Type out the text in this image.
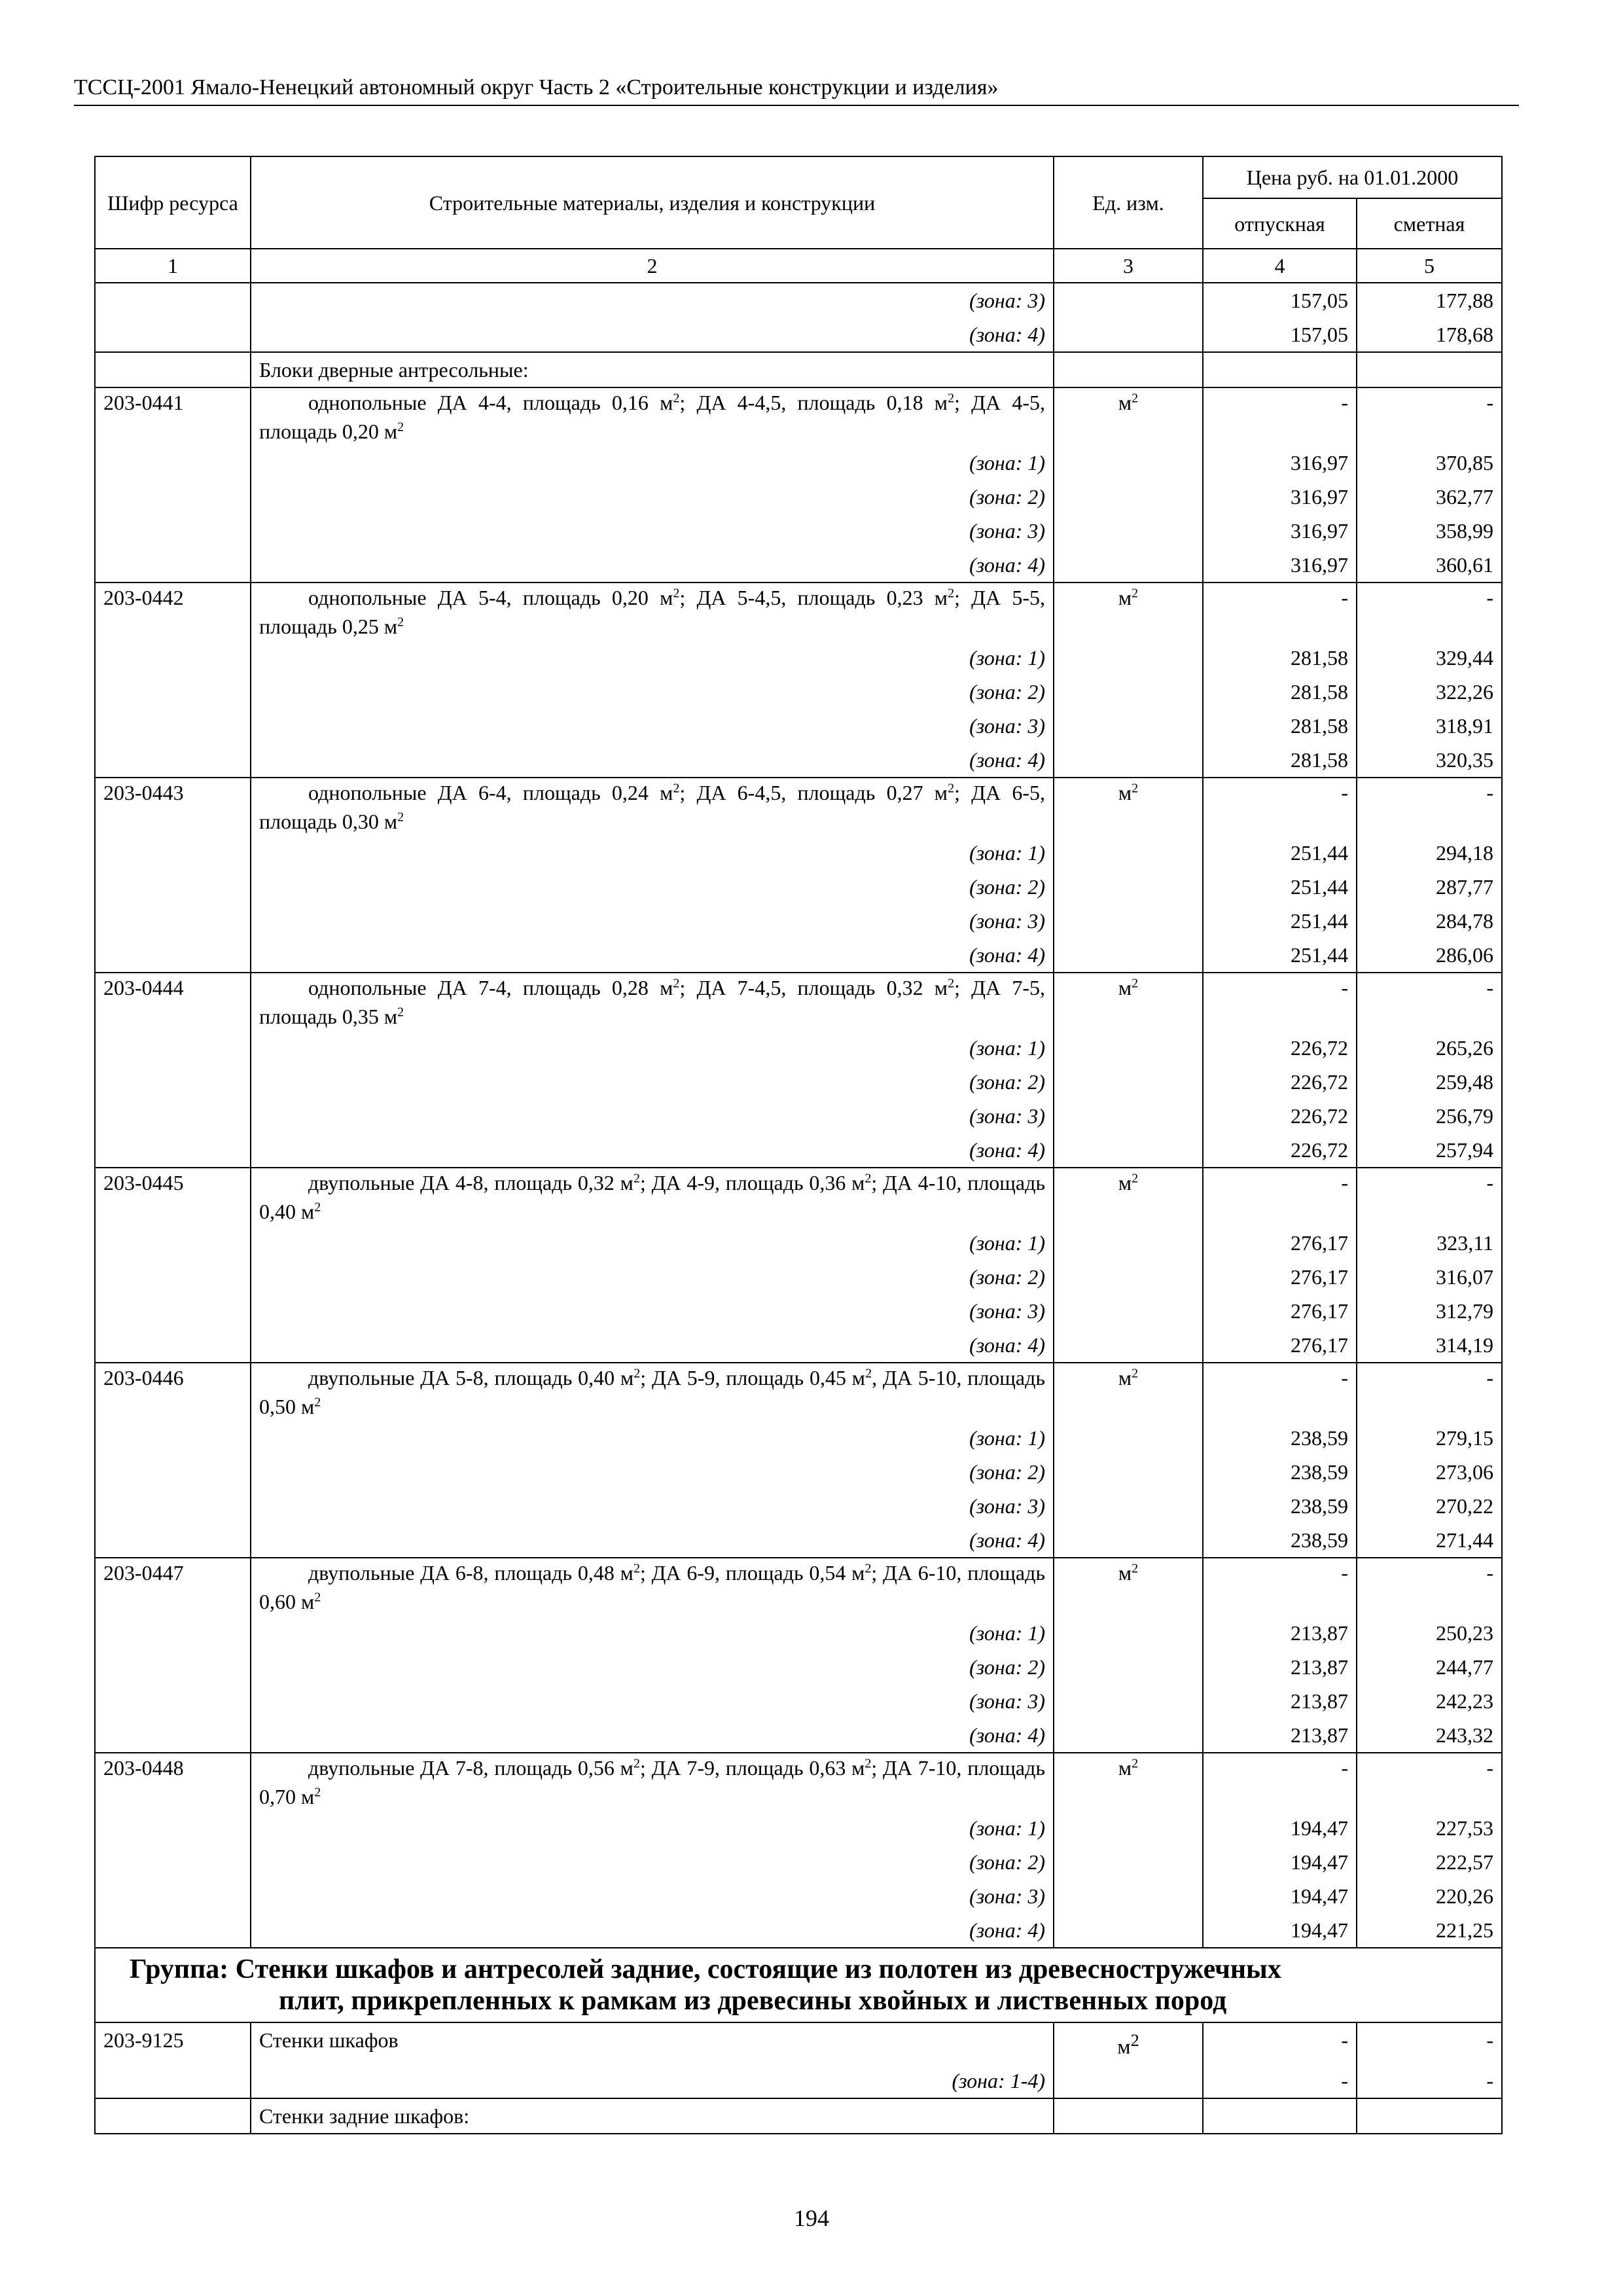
ТССЦ-2001 Ямало-Ненецкий автономный округ Часть 2 «Строительные конструкции и изделия»
Шифр ресурса	Строительные материалы, изделия и конструкции	Ед. изм.	Цена руб. на 01.01.2000	
			отпускная	сметная
1	2	3	4	5
	(зона: 3)		157,05	177,88
	(зона: 4)		157,05	178,68
	Блоки дверные антресольные:			
203-0441	однопольные ДА 4-4, площадь 0,16 $м^2$; ДА 4-4,5, площадь 0,18 $м^2$; ДА 4-5, площадь 0,20 $м^2$	$м^2$	-	-
	(зона: 1)		316,97	370,85
	(зона: 2)		316,97	362,77
	(зона: 3)		316,97	358,99
	(зона: 4)		316,97	360,61
203-0442	однопольные ДА 5-4, площадь 0,20 $м^2$; ДА 5-4,5, площадь 0,23 $м^2$; ДА 5-5, площадь 0,25 $м^2$	$м^2$	-	-
	(зона: 1)		281,58	329,44
	(зона: 2)		281,58	322,26
	(зона: 3)		281,58	318,91
	(зона: 4)		281,58	320,35
203-0443	однопольные ДА 6-4, площадь 0,24 $м^2$; ДА 6-4,5, площадь 0,27 $м^2$; ДА 6-5, площадь 0,30 $м^2$	$м^2$	-	-
	(зона: 1)		251,44	294,18
	(зона: 2)		251,44	287,77
	(зона: 3)		251,44	284,78
	(зона: 4)		251,44	286,06
203-0444	однопольные ДА 7-4, площадь 0,28 $м^2$; ДА 7-4,5, площадь 0,32 $м^2$; ДА 7-5, площадь 0,35 $м^2$	$м^2$	-	-
	(зона: 1)		226,72	265,26
	(зона: 2)		226,72	259,48
	(зона: 3)		226,72	256,79
	(зона: 4)		226,72	257,94
203-0445	двупольные ДА 4-8, площадь 0,32 $м^2$; ДА 4-9, площадь 0,36 $м^2$; ДА 4-10, площадь 0,40 $м^2$	$м^2$	-	-
	(зона: 1)		276,17	323,11
	(зона: 2)		276,17	316,07
	(зона: 3)		276,17	312,79
	(зона: 4)		276,17	314,19
203-0446	двупольные ДА 5-8, площадь 0,40 $м^2$; ДА 5-9, площадь 0,45 $м^2$, ДА 5-10, площадь 0,50 $м^2$	$м^2$	-	-
	(зона: 1)		238,59	279,15
	(зона: 2)		238,59	273,06
	(зона: 3)		238,59	270,22
	(зона: 4)		238,59	271,44
203-0447	двупольные ДА 6-8, площадь 0,48 $м^2$; ДА 6-9, площадь 0,54 $м^2$; ДА 6-10, площадь 0,60 $м^2$	$м^2$	-	-
	(зона: 1)		213,87	250,23
	(зона: 2)		213,87	244,77
	(зона: 3)		213,87	242,23
	(зона: 4)		213,87	243,32
203-0448	двупольные ДА 7-8, площадь 0,56 $м^2$; ДА 7-9, площадь 0,63 $м^2$; ДА 7-10, площадь 0,70 $м^2$	$м^2$	-	-
	(зона: 1)		194,47	227,53
	(зона: 2)		194,47	222,57
	(зона: 3)		194,47	220,26
	(зона: 4)		194,47	221,25

Группа: Стенки шкафов и антресолей задние, состоящие из полотен из древесностружечных
плит, прикрепленных к рамкам из древесины хвойных и лиственных пород				

203-9125	Стенки шкафов	$м^2$	-	-
	(зона: 1-4)		-	-
	Стенки задние шкафов:			
194
